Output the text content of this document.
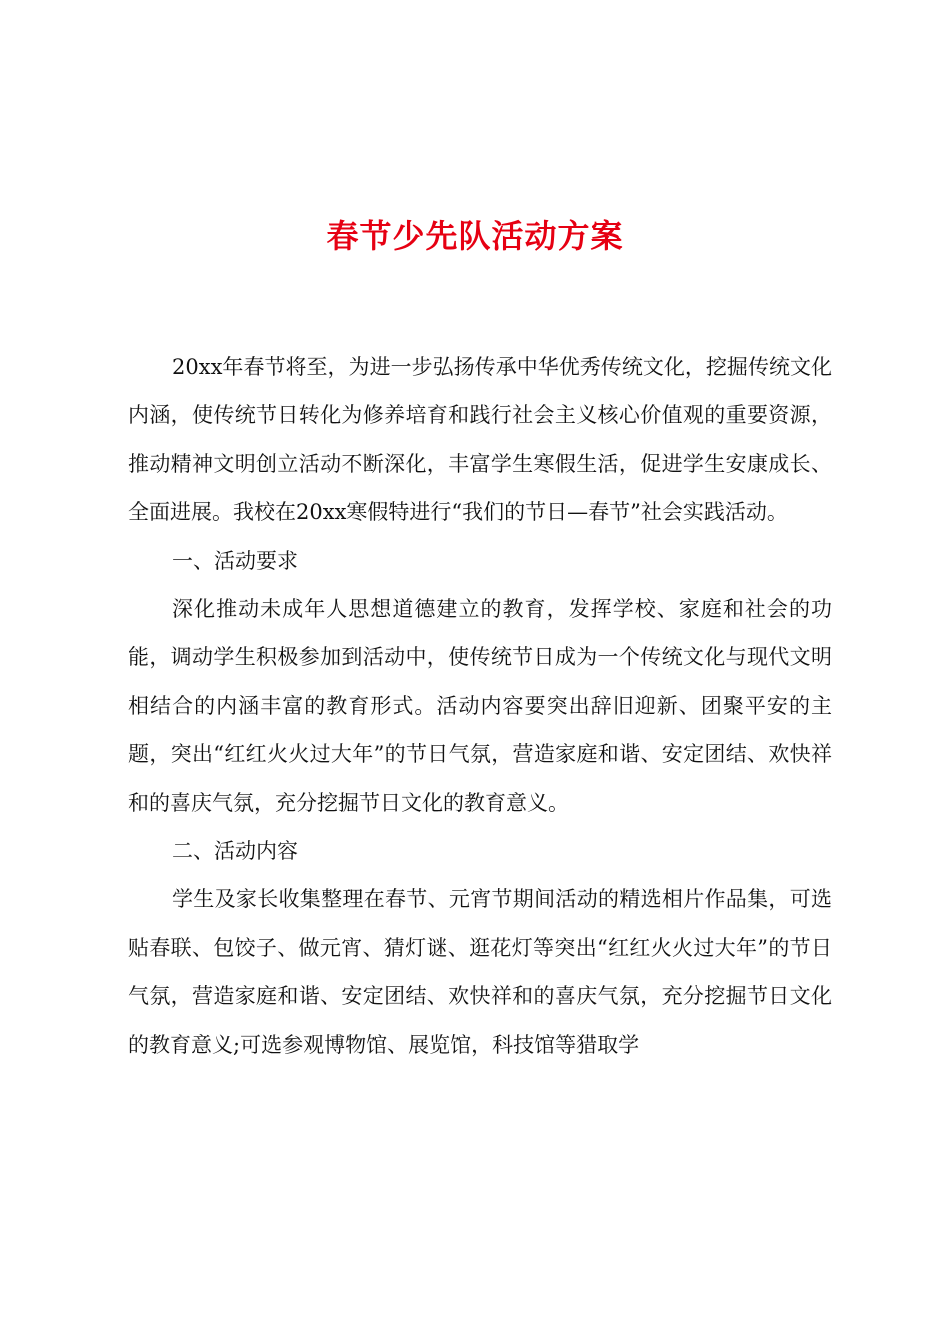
春节少先队活动方案

20xx年春节将至，为进一步弘扬传承中华优秀传统文化，挖掘传统文化内涵，使传统节日转化为修养培育和践行社会主义核心价值观的重要资源，推动精神文明创立活动不断深化，丰富学生寒假生活，促进学生安康成长、全面进展。我校在20xx寒假特进行“我们的节日—春节”社会实践活动。

一、活动要求

深化推动未成年人思想道德建立的教育，发挥学校、家庭和社会的功能，调动学生积极参加到活动中，使传统节日成为一个传统文化与现代文明相结合的内涵丰富的教育形式。活动内容要突出辞旧迎新、团聚平安的主题，突出“红红火火过大年”的节日气氛，营造家庭和谐、安定团结、欢快祥和的喜庆气氛，充分挖掘节日文化的教育意义。

二、活动内容

学生及家长收集整理在春节、元宵节期间活动的精选相片作品集，可选贴春联、包饺子、做元宵、猜灯谜、逛花灯等突出“红红火火过大年”的节日气氛，营造家庭和谐、安定团结、欢快祥和的喜庆气氛，充分挖掘节日文化的教育意义;可选参观博物馆、展览馆，科技馆等猎取学
